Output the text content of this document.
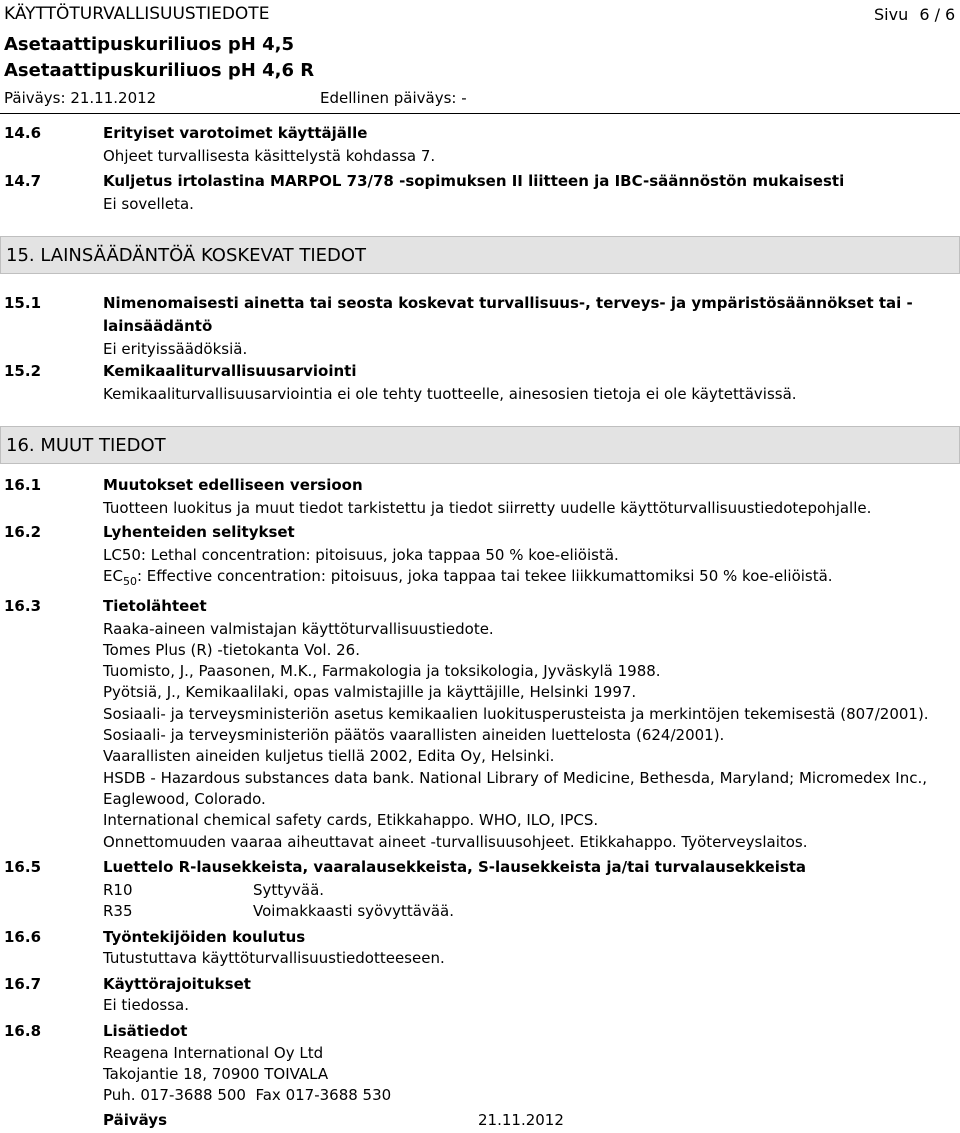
KÄYTTÖTURVALLISUUSTIEDOTE	Sivu 6 / 6
Asetaattipuskuriliuos pH 4,5
Asetaattipuskuriliuos pH 4,6 R
Päiväys: 21.11.2012	Edellinen päiväys: -
14.6	Erityiset varotoimet käyttäjälle
Ohjeet turvallisesta käsittelystä kohdassa 7.
14.7	Kuljetus irtolastina MARPOL 73/78 -sopimuksen II liitteen ja IBC-säännöstön mukaisesti
Ei sovelleta.
15. LAINSÄÄDÄNTÖÄ KOSKEVAT TIEDOT
15.1	Nimenomaisesti ainetta tai seosta koskevat turvallisuus-, terveys- ja ympäristösäännökset tai -
lainsäädäntö
Ei erityissäädöksiä.
15.2	Kemikaaliturvallisuusarviointi
Kemikaaliturvallisuusarviointia ei ole tehty tuotteelle, ainesosien tietoja ei ole käytettävissä.
16. MUUT TIEDOT
16.1	Muutokset edelliseen versioon
Tuotteen luokitus ja muut tiedot tarkistettu ja tiedot siirretty uudelle käyttöturvallisuustiedotepohjalle.
16.2	Lyhenteiden selitykset
LC50: Lethal concentration: pitoisuus, joka tappaa 50 % koe-eliöistä.
$EC_{50}$: Effective concentration: pitoisuus, joka tappaa tai tekee liikkumattomiksi 50 % koe-eliöistä.
16.3	Tietolähteet
Raaka-aineen valmistajan käyttöturvallisuustiedote.
Tomes Plus (R) -tietokanta Vol. 26.
Tuomisto, J., Paasonen, M.K., Farmakologia ja toksikologia, Jyväskylä 1988.
Pyötsiä, J., Kemikaalilaki, opas valmistajille ja käyttäjille, Helsinki 1997.
Sosiaali- ja terveysministeriön asetus kemikaalien luokitusperusteista ja merkintöjen tekemisestä (807/2001).
Sosiaali- ja terveysministeriön päätös vaarallisten aineiden luettelosta (624/2001).
Vaarallisten aineiden kuljetus tiellä 2002, Edita Oy, Helsinki.
HSDB - Hazardous substances data bank. National Library of Medicine, Bethesda, Maryland; Micromedex Inc.,
Eaglewood, Colorado.
International chemical safety cards, Etikkahappo. WHO, ILO, IPCS.
Onnettomuuden vaaraa aiheuttavat aineet -turvallisuusohjeet. Etikkahappo. Työterveyslaitos.
16.5	Luettelo R-lausekkeista, vaaralausekkeista, S-lausekkeista ja/tai turvalausekkeista
R10	Syttyvää.
R35	Voimakkaasti syövyttävää.
16.6	Työntekijöiden koulutus
Tutustuttava käyttöturvallisuustiedotteeseen.
16.7	Käyttörajoitukset
Ei tiedossa.
16.8	Lisätiedot
Reagena International Oy Ltd
Takojantie 18, 70900 TOIVALA
Puh. 017-3688 500  Fax 017-3688 530
Päiväys	21.11.2012
